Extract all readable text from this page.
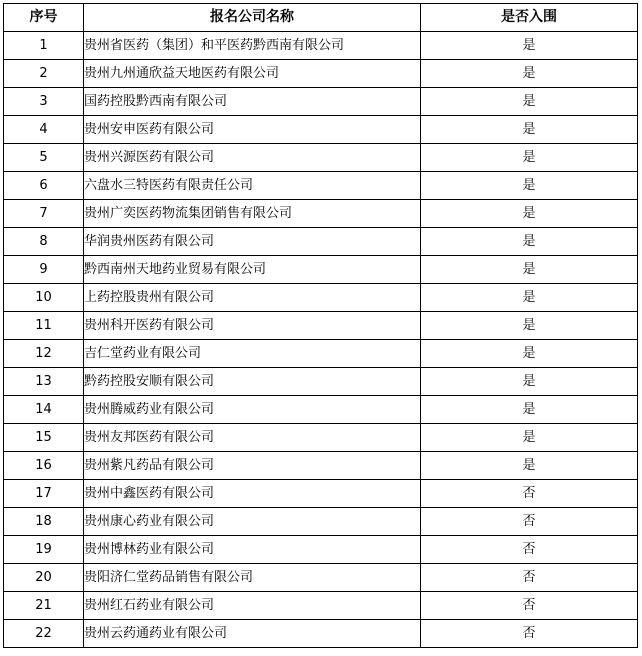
序号	报名公司名称	是否入围
1	贵州省医药（集团）和平医药黔西南有限公司	是
2	贵州九州通欣益天地医药有限公司	是
3	国药控股黔西南有限公司	是
4	贵州安申医药有限公司	是
5	贵州兴源医药有限公司	是
6	六盘水三特医药有限责任公司	是
7	贵州广奕医药物流集团销售有限公司	是
8	华润贵州医药有限公司	是
9	黔西南州天地药业贸易有限公司	是
10	上药控股贵州有限公司	是
11	贵州科开医药有限公司	是
12	吉仁堂药业有限公司	是
13	黔药控股安顺有限公司	是
14	贵州腾威药业有限公司	是
15	贵州友邦医药有限公司	是
16	贵州紫凡药品有限公司	是
17	贵州中鑫医药有限公司	否
18	贵州康心药业有限公司	否
19	贵州博林药业有限公司	否
20	贵阳济仁堂药品销售有限公司	否
21	贵州红石药业有限公司	否
22	贵州云药通药业有限公司	否
